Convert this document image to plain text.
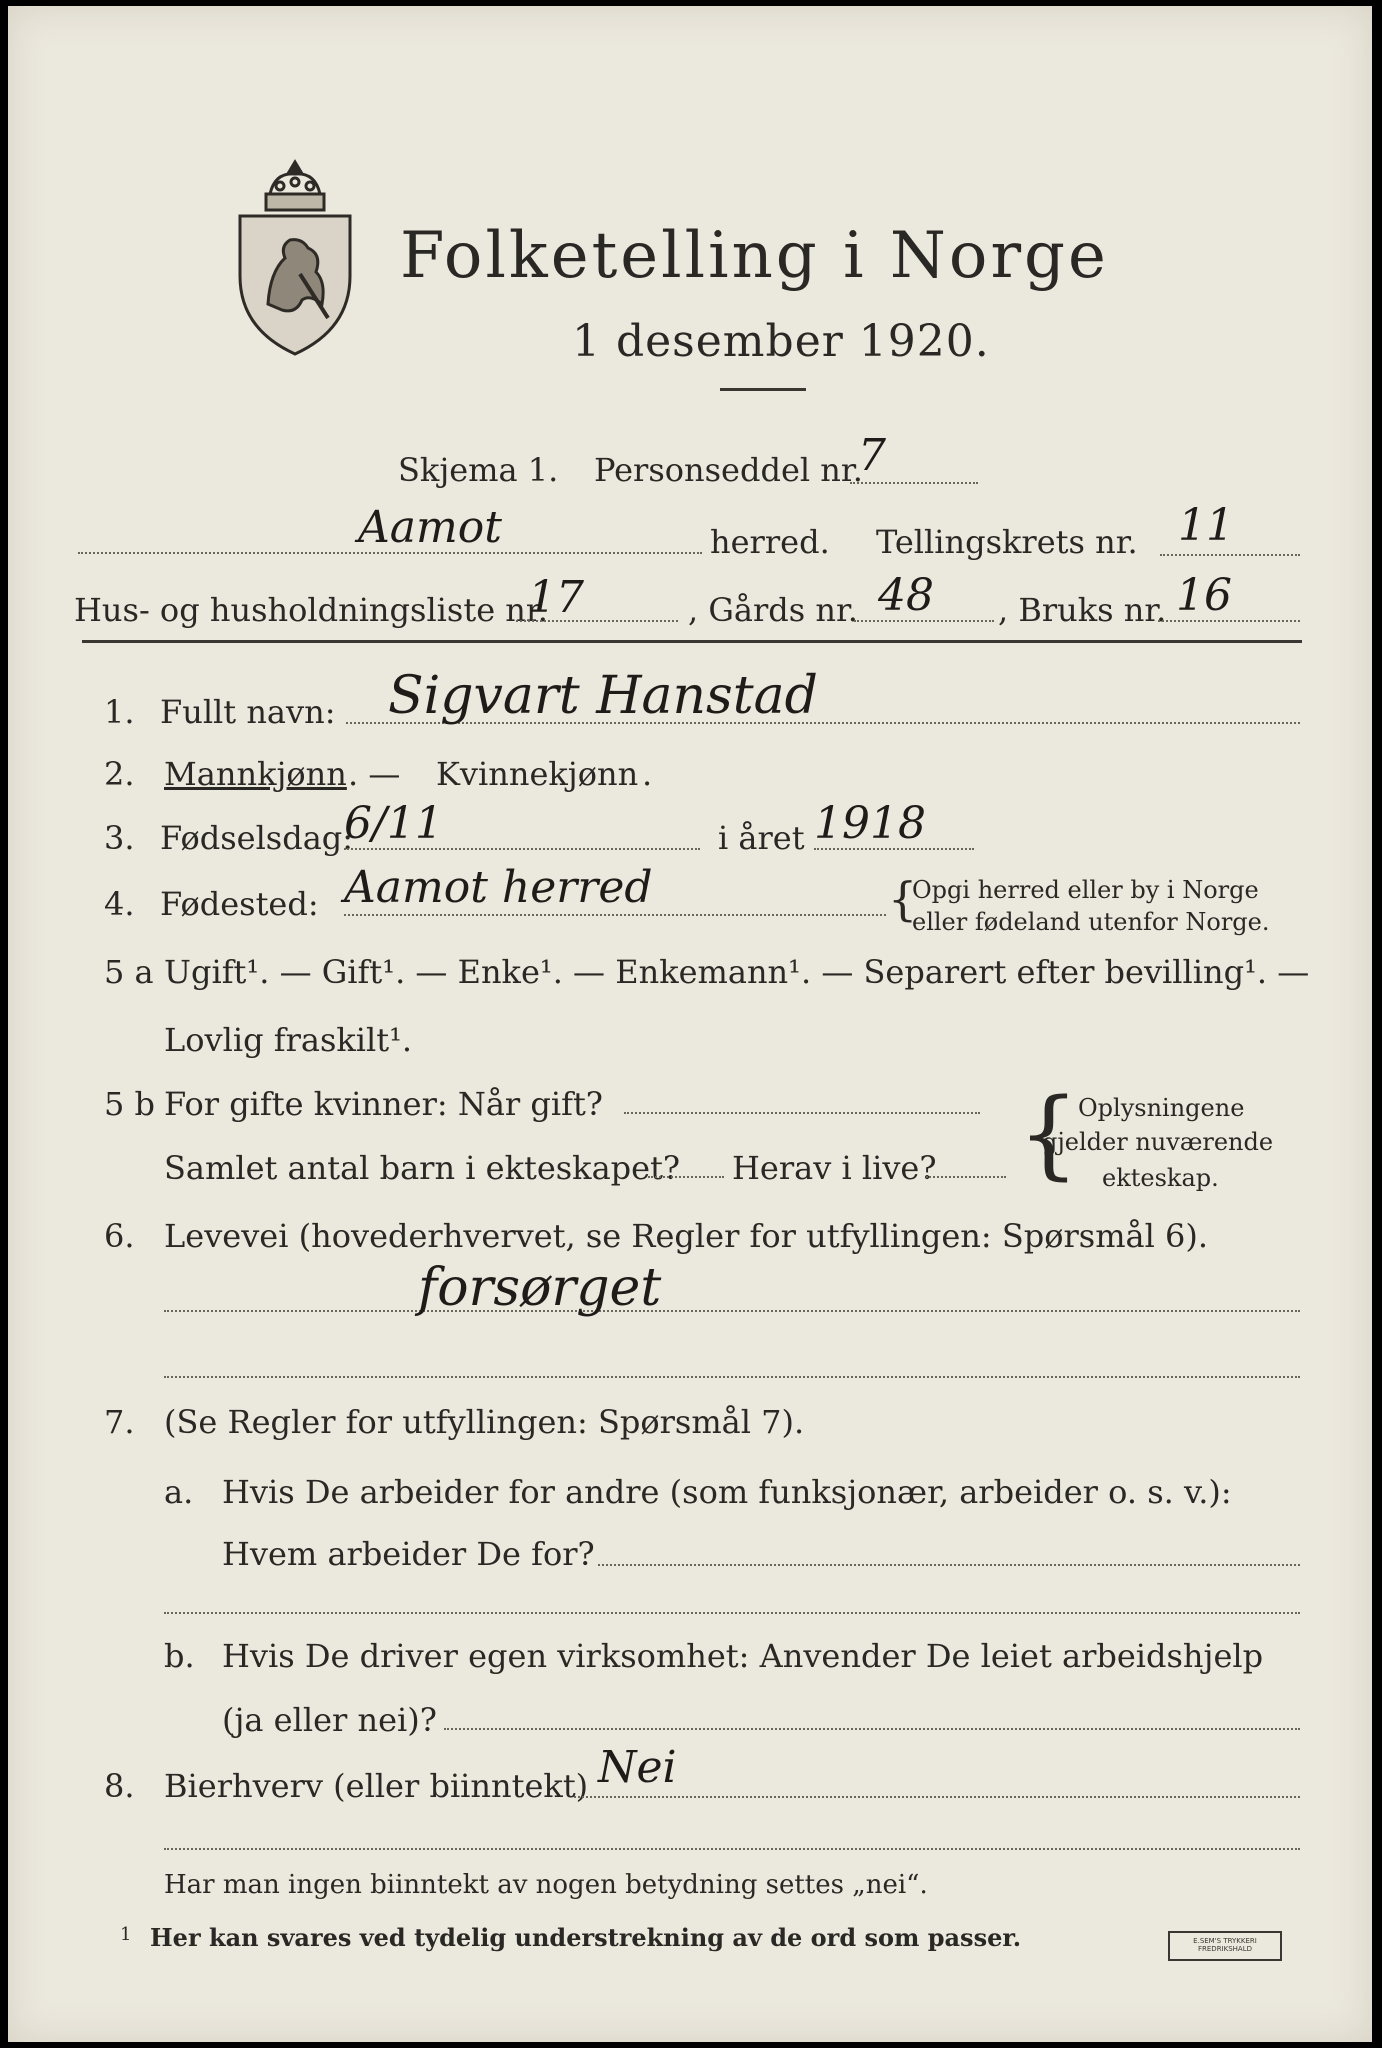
Folketelling i Norge
1 desember 1920.
Skjema 1. Personseddel nr.
7
Aamot	herred. Tellingskrets nr. 11
Hus- og husholdningsliste nr.
17	, Gårds nr. 48 , Bruks nr. 16
1. Fullt navn: Sigvart Hanstad
2. Mannkjønn . — Kvinnekjønn .
3. Fødselsdag:
6/11	i året 1918
4. Fødested: Aamot herred	{
Opgi herred eller by i Norge
eller fødeland utenfor Norge.
5 a Ugift¹. — Gift¹. — Enke¹. — Enkemann¹. — Separert efter bevilling¹. —
Lovlig fraskilt¹.
5 b For gifte kvinner: Når gift?
Samlet antal barn i ekteskapet? Herav i live? {
Oplysningene
gjelder nuværende
ekteskap.
6. Levevei (hovederhvervet, se Regler for utfyllingen: Spørsmål 6).
forsørget
7. (Se Regler for utfyllingen: Spørsmål 7).
a. Hvis De arbeider for andre (som funksjonær, arbeider o. s. v.):
Hvem arbeider De for?
b. Hvis De driver egen virksomhet: Anvender De leiet arbeidshjelp
(ja eller nei)?
8. Bierhverv (eller biinntekt) Nei
Har man ingen biinntekt av nogen betydning settes „nei“.
1 Her kan svares ved tydelig understrekning av de ord som passer.	E.SEM'S TRYKKERI
FREDRIKSHALD
